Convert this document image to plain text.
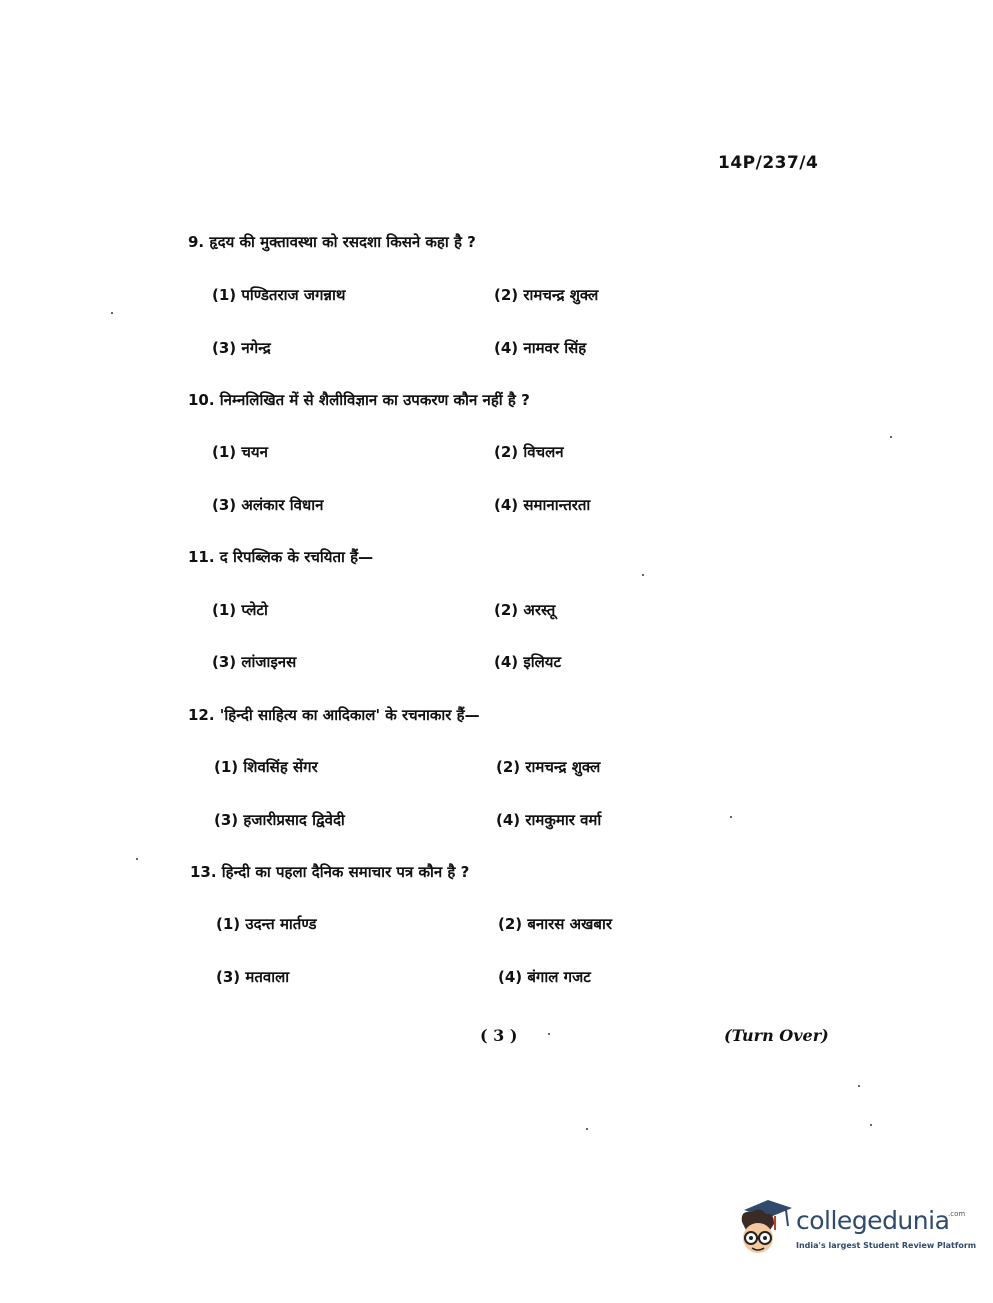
14P/237/4
9. हृदय की मुक्तावस्था को रसदशा किसने कहा है ?
(1) पण्डितराज जगन्नाथ	(2) रामचन्द्र शुक्ल
(3) नगेन्द्र	(4) नामवर सिंह
10. निम्नलिखित में से शैलीविज्ञान का उपकरण कौन नहीं है ?
(1) चयन	(2) विचलन
(3) अलंकार विधान	(4) समानान्तरता
11. द रिपब्लिक के रचयिता हैं—
(1) प्लेटो	(2) अरस्तू
(3) लांजाइनस	(4) इलियट
12. 'हिन्दी साहित्य का आदिकाल' के रचनाकार हैं—
(1) शिवसिंह सेंगर	(2) रामचन्द्र शुक्ल
(3) हजारीप्रसाद द्विवेदी	(4) रामकुमार वर्मा
13. हिन्दी का पहला दैनिक समाचार पत्र कौन है ?
(1) उदन्त मार्तण्ड	(2) बनारस अखबार
(3) मतवाला	(4) बंगाल गजट
( 3 )	(Turn Over)
collegedunia
.com
India's largest Student Review Platform
